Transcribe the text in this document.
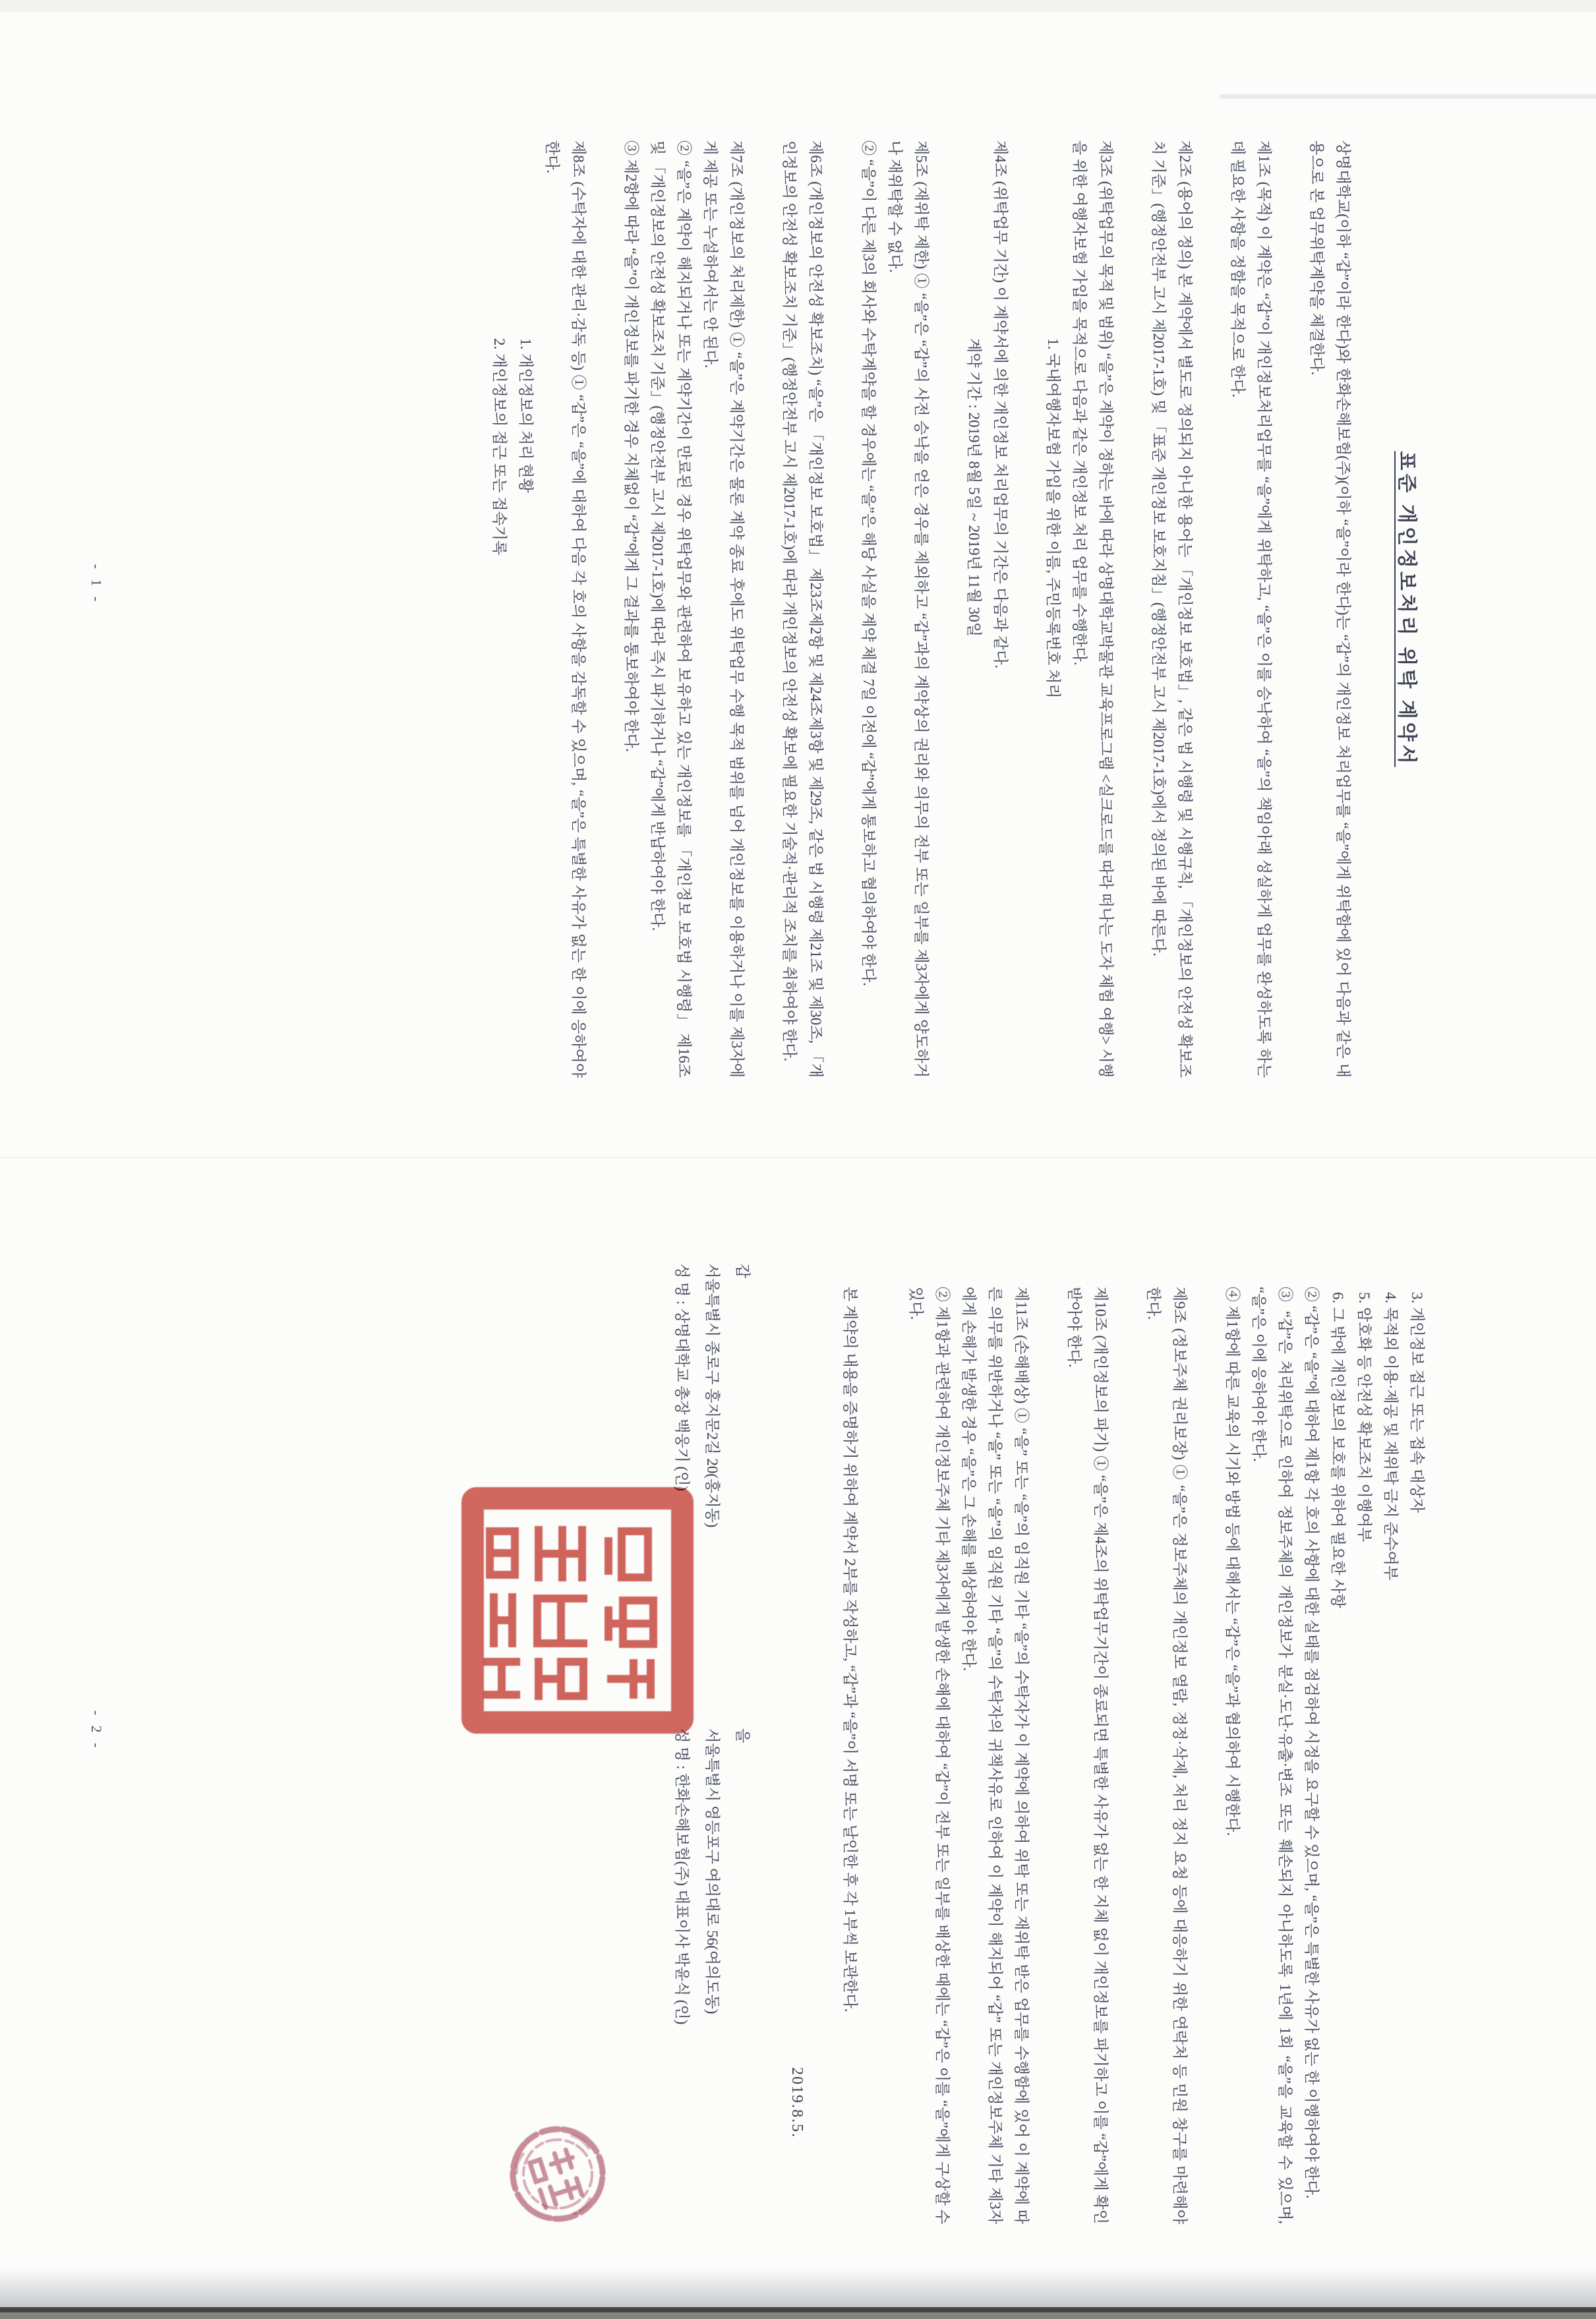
표준 개인정보처리 위탁 계약서

상명대학교(이하 “갑”이라 한다)와 한화손해보험(주)(이하 “을”이라 한다)는 “갑”의 개인정보 처리업무를 “을”에게 위탁함에 있어 다음과 같은 내용으로 본 업무위탁계약을 체결한다.

제1조 (목적) 이 계약은 “갑”이 개인정보처리업무를 “을”에게 위탁하고, “을”은 이를 승낙하여 “을”의 책임아래 성실하게 업무를 완성하도록 하는데 필요한 사항을 정함을 목적으로 한다.

제2조 (용어의 정의) 본 계약에서 별도로 정의되지 아니한 용어는 「개인정보 보호법」, 같은 법 시행령 및 시행규칙, 「개인정보의 안전성 확보조치 기준」(행정안전부 고시 제2017-1호) 및 「표준 개인정보 보호지침」(행정안전부 고시 제2017-1호)에서 정의된 바에 따른다.

제3조 (위탁업무의 목적 및 범위) “을”은 계약이 정하는 바에 따라 상명대학교박물관 교육프로그램 <실크로드를 따라 떠나는 도자 체험 여행> 시행을 위한 여행자보험 가입을 목적으로 다음과 같은 개인정보 처리 업무를 수행한다.

1. 국내여행자보험 가입을 위한 이름, 주민등록번호 처리

제4조 (위탁업무 기간) 이 계약서에 의한 개인정보 처리업무의 기간은 다음과 같다.

계약 기간 : 2019년 8월 5일 ~ 2019년 11월 30일

제5조 (재위탁 제한) ① “을”은 “갑”의 사전 승낙을 얻은 경우를 제외하고 “갑”과의 계약상의 권리와 의무의 전부 또는 일부를 제3자에게 양도하거나 재위탁할 수 없다.

② “을”이 다른 제3의 회사와 수탁계약을 할 경우에는 “을”은 해당 사실을 계약 체결 7일 이전에 “갑”에게 통보하고 협의하여야 한다.

제6조 (개인정보의 안전성 확보조치) “을”은 「개인정보 보호법」 제23조제2항 및 제24조제3항 및 제29조, 같은 법 시행령 제21조 및 제30조, 「개인정보의 안전성 확보조치 기준」(행정안전부 고시 제2017-1호)에 따라 개인정보의 안전성 확보에 필요한 기술적·관리적 조치를 취하여야 한다.

제7조 (개인정보의 처리제한) ① “을”은 계약기간은 물론 계약 종료 후에도 위탁업무 수행 목적 범위를 넘어 개인정보를 이용하거나 이를 제3자에게 제공 또는 누설하여서는 안 된다.

② “을”은 계약이 해지되거나 또는 계약기간이 만료된 경우 위탁업무와 관련하여 보유하고 있는 개인정보를 「개인정보 보호법 시행령」 제16조 및 「개인정보의 안전성 확보조치 기준」(행정안전부 고시 제2017-1호)에 따라 즉시 파기하거나 “갑”에게 반납하여야 한다.

③ 제2항에 따라 “을”이 개인정보를 파기한 경우 지체없이 “갑”에게 그 결과를 통보하여야 한다.

제8조 (수탁자에 대한 관리·감독 등) ① “갑”은 “을”에 대하여 다음 각 호의 사항을 감독할 수 있으며, “을”은 특별한 사유가 없는 한 이에 응하여야 한다.

1. 개인정보의 처리 현황

2. 개인정보의 접근 또는 접속기록

- 1 -

3. 개인정보 접근 또는 접속 대상자

4. 목적외 이용·제공 및 재위탁 금지 준수여부

5. 암호화 등 안전성 확보조치 이행여부

6. 그 밖에 개인정보의 보호를 위하여 필요한 사항

② “갑”은 “을”에 대하여 제1항 각 호의 사항에 대한 실태를 점검하여 시정을 요구할 수 있으며, “을”은 특별한 사유가 없는 한 이행하여야 한다.

③ “갑”은 처리위탁으로 인하여 정보주체의 개인정보가 분실·도난·유출·변조 또는 훼손되지 아니하도록 1년에 1회 “을”을 교육할 수 있으며, “을”은 이에 응하여야 한다.

④ 제1항에 따른 교육의 시기와 방법 등에 대해서는 “갑”은 “을”과 협의하여 시행한다.

제9조 (정보주체 권리보장) ① “을”은 정보주체의 개인정보 열람, 정정·삭제, 처리 정지 요청 등에 대응하기 위한 연락처 등 민원 창구를 마련해야 한다.

제10조 (개인정보의 파기) ① “을”은 제4조의 위탁업무기간이 종료되면 특별한 사유가 없는 한 지체 없이 개인정보를 파기하고 이를 “갑”에게 확인받아야 한다.

제11조 (손해배상) ① “을” 또는 “을”의 임직원 기타 “을”의 수탁자가 이 계약에 의하여 위탁 또는 재위탁 받은 업무를 수행함에 있어 이 계약에 따른 의무를 위반하거나 “을” 또는 “을”의 임직원 기타 “을”의 수탁자의 귀책사유로 인하여 이 계약이 해지되어 “갑” 또는 개인정보주체 기타 제3자에게 손해가 발생한 경우 “을”은 그 손해를 배상하여야 한다.

② 제1항과 관련하여 개인정보주체 기타 제3자에게 발생한 손해에 대하여 “갑”이 전부 또는 일부를 배상한 때에는 “갑”은 이를 “을”에게 구상할 수 있다.

본 계약의 내용을 증명하기 위하여 계약서 2부를 작성하고, “갑”과 “을”이 서명 또는 날인한 후 각 1부씩 보관한다.

2019.8.5.
갑
서울특별시 종로구 홍지문2길 20(홍지동)
성 명 : 상명대학교 총장 백웅기 (인)
을
서울특별시 영등포구 여의대로 56(여의도동)
성 명 : 한화손해보험(주) 대표이사 박윤식 (인)
- 2 -
